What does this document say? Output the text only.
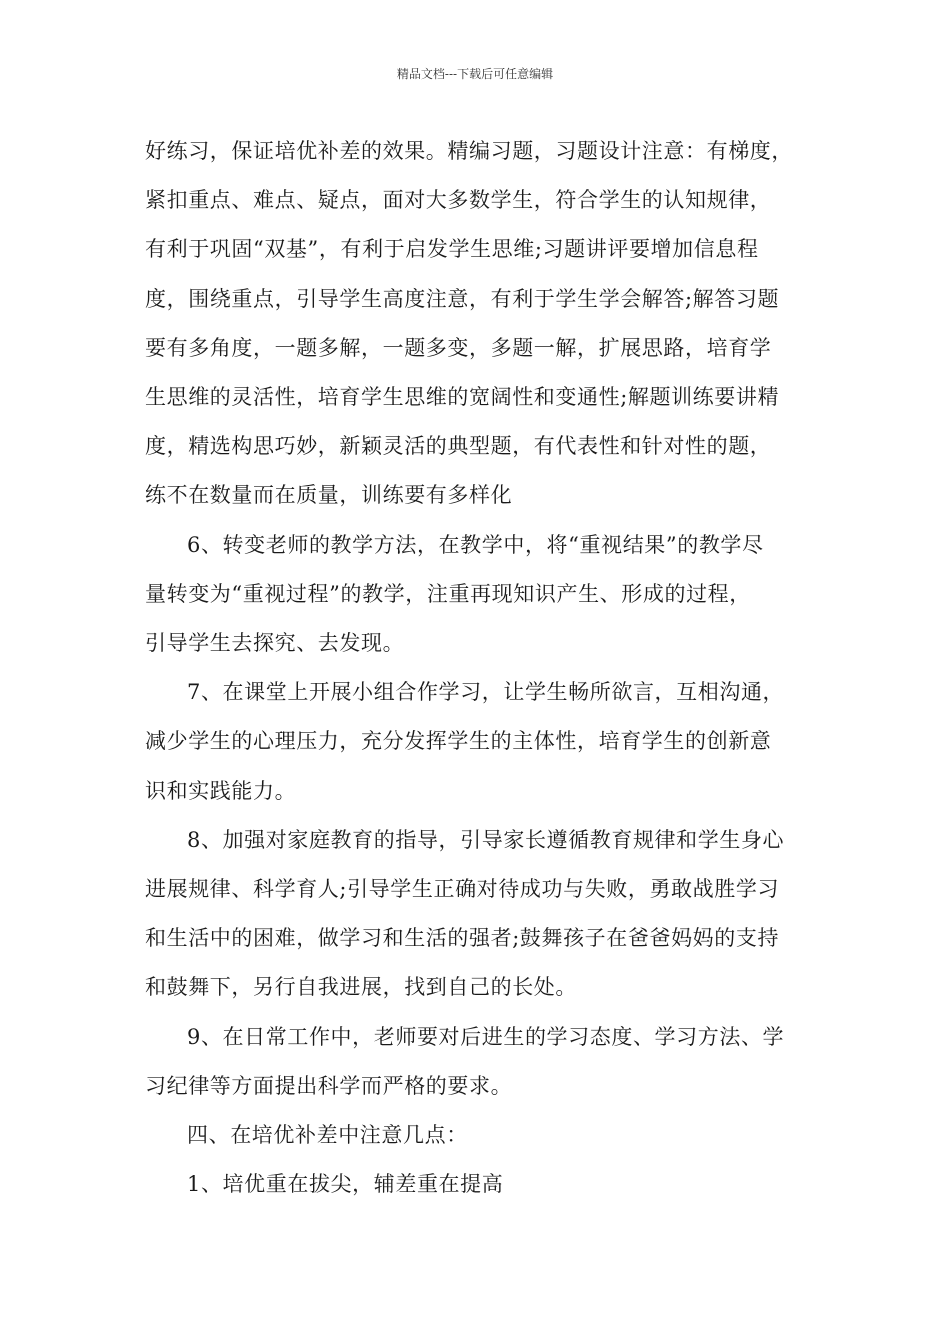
精品文档---下载后可任意编辑

好练习，保证培优补差的效果。精编习题，习题设计注意：有梯度，
紧扣重点、难点、疑点，面对大多数学生，符合学生的认知规律，
有利于巩固“双基”，有利于启发学生思维;习题讲评要增加信息程
度，围绕重点，引导学生高度注意，有利于学生学会解答;解答习题
要有多角度，一题多解，一题多变，多题一解，扩展思路，培育学
生思维的灵活性，培育学生思维的宽阔性和变通性;解题训练要讲精
度，精选构思巧妙，新颖灵活的典型题，有代表性和针对性的题，
练不在数量而在质量，训练要有多样化

6、转变老师的教学方法，在教学中，将“重视结果”的教学尽
量转变为“重视过程”的教学，注重再现知识产生、形成的过程，
引导学生去探究、去发现。

7、在课堂上开展小组合作学习，让学生畅所欲言，互相沟通，
减少学生的心理压力，充分发挥学生的主体性，培育学生的创新意
识和实践能力。

8、加强对家庭教育的指导，引导家长遵循教育规律和学生身心
进展规律、科学育人;引导学生正确对待成功与失败，勇敢战胜学习
和生活中的困难，做学习和生活的强者;鼓舞孩子在爸爸妈妈的支持
和鼓舞下，另行自我进展，找到自己的长处。

9、在日常工作中，老师要对后进生的学习态度、学习方法、学
习纪律等方面提出科学而严格的要求。

四、在培优补差中注意几点：

1、培优重在拔尖，辅差重在提高
